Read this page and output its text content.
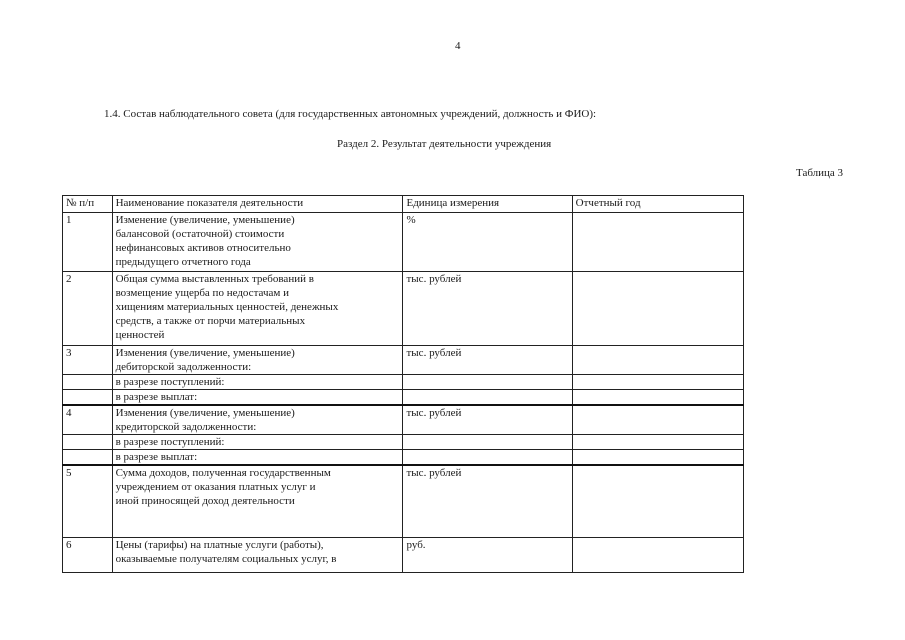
4
1.4. Состав наблюдательного совета (для государственных автономных учреждений, должность и ФИО):
Раздел 2. Результат деятельности учреждения
Таблица 3
№ п/п	Наименование показателя деятельности	Единица измерения	Отчетный год
1	Изменение (увеличение, уменьшение)
балансовой (остаточной) стоимости
нефинансовых активов относительно
предыдущего отчетного года	%	
2	Общая сумма выставленных требований в
возмещение ущерба по недостачам и
хищениям материальных ценностей, денежных
средств, а также от порчи материальных
ценностей	тыс. рублей	
3	Изменения (увеличение, уменьшение)
дебиторской задолженности:	тыс. рублей	
	в разрезе поступлений:		
	в разрезе выплат:		
4	Изменения (увеличение, уменьшение)
кредиторской задолженности:	тыс. рублей	
	в разрезе поступлений:		
	в разрезе выплат:		
5	Сумма доходов, полученная государственным
учреждением от оказания платных услуг и
иной приносящей доход деятельности	тыс. рублей	
6	Цены (тарифы) на платные услуги (работы),
оказываемые получателям социальных услуг, в	руб.	
